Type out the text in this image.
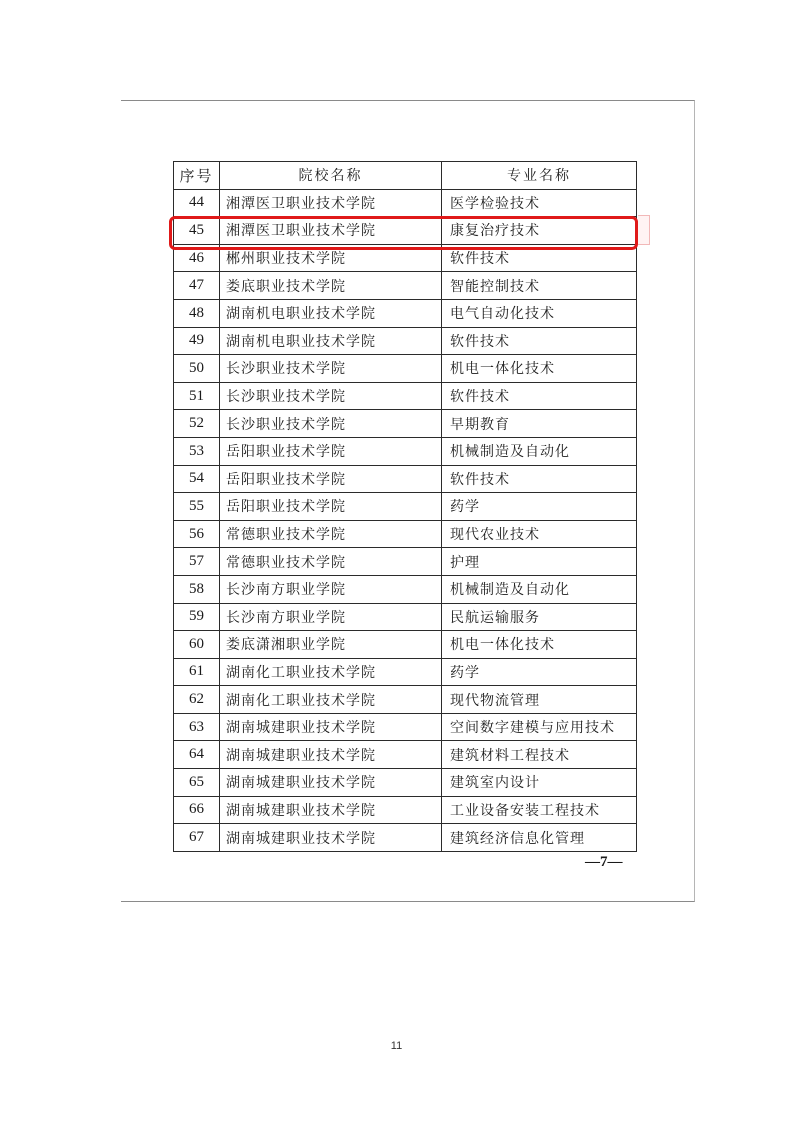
序号	院校名称	专业名称
44	湘潭医卫职业技术学院	医学检验技术
45	湘潭医卫职业技术学院	康复治疗技术
46	郴州职业技术学院	软件技术
47	娄底职业技术学院	智能控制技术
48	湖南机电职业技术学院	电气自动化技术
49	湖南机电职业技术学院	软件技术
50	长沙职业技术学院	机电一体化技术
51	长沙职业技术学院	软件技术
52	长沙职业技术学院	早期教育
53	岳阳职业技术学院	机械制造及自动化
54	岳阳职业技术学院	软件技术
55	岳阳职业技术学院	药学
56	常德职业技术学院	现代农业技术
57	常德职业技术学院	护理
58	长沙南方职业学院	机械制造及自动化
59	长沙南方职业学院	民航运输服务
60	娄底潇湘职业学院	机电一体化技术
61	湖南化工职业技术学院	药学
62	湖南化工职业技术学院	现代物流管理
63	湖南城建职业技术学院	空间数字建模与应用技术
64	湖南城建职业技术学院	建筑材料工程技术
65	湖南城建职业技术学院	建筑室内设计
66	湖南城建职业技术学院	工业设备安装工程技术
67	湖南城建职业技术学院	建筑经济信息化管理
—7—
11
